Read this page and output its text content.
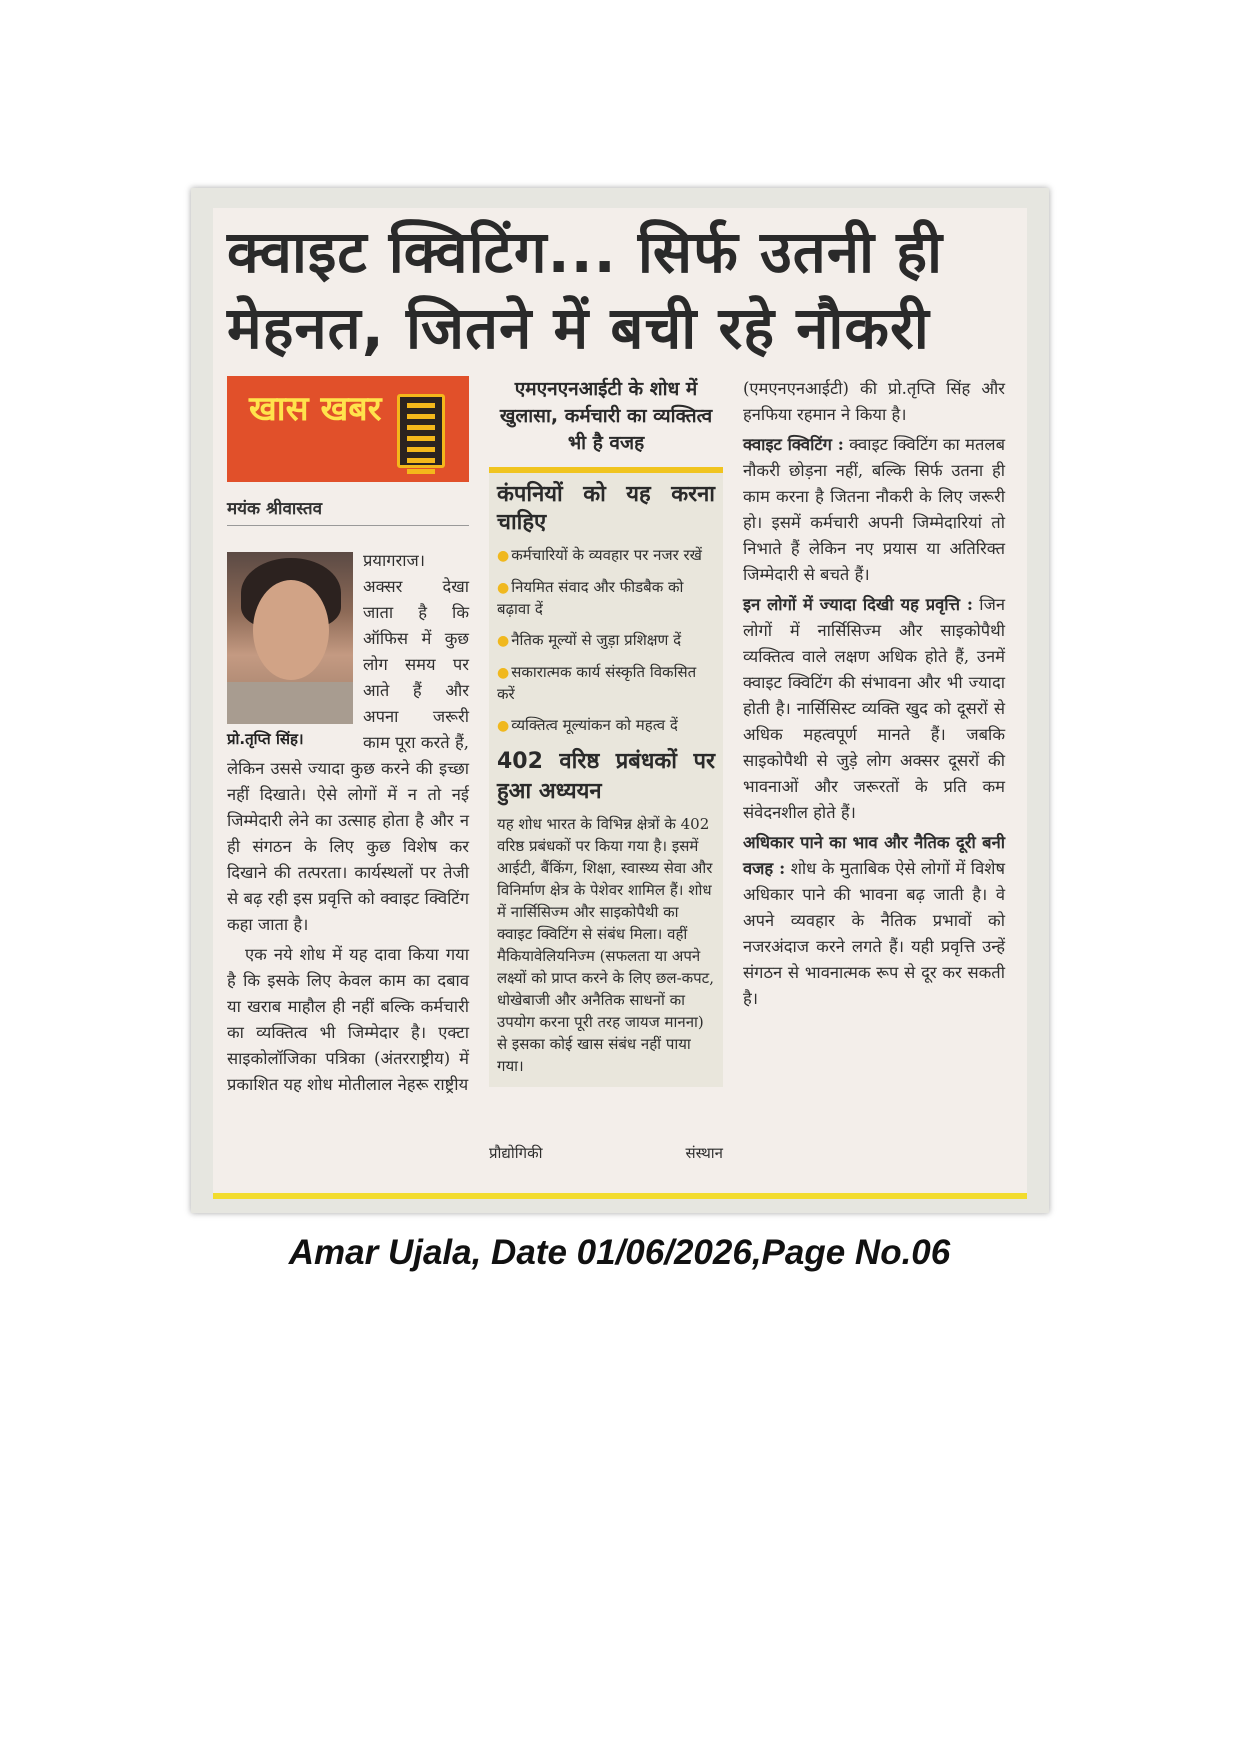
क्वाइट क्विटिंग... सिर्फ उतनी ही मेहनत, जितने में बची रहे नौकरी
खास खबर
मयंक श्रीवास्तव
प्रो.तृप्ति सिंह।

प्रयागराज। अक्सर देखा जाता है कि ऑफिस में कुछ लोग समय पर आते हैं और अपना जरूरी काम पूरा करते हैं, लेकिन उससे ज्यादा कुछ करने की इच्छा नहीं दिखाते। ऐसे लोगों में न तो नई जिम्मेदारी लेने का उत्साह होता है और न ही संगठन के लिए कुछ विशेष कर दिखाने की तत्परता। कार्यस्थलों पर तेजी से बढ़ रही इस प्रवृत्ति को क्वाइट क्विटिंग कहा जाता है।

एक नये शोध में यह दावा किया गया है कि इसके लिए केवल काम का दबाव या खराब माहौल ही नहीं बल्कि कर्मचारी का व्यक्तित्व भी जिम्मेदार है। एक्टा साइकोलॉजिका पत्रिका (अंतरराष्ट्रीय) में प्रकाशित यह शोध मोतीलाल नेहरू राष्ट्रीय

एमएनएनआईटी के शोध में खुलासा, कर्मचारी का व्यक्तित्व भी है वजह
कंपनियों को यह करना चाहिए
● कर्मचारियों के व्यवहार पर नजर रखें
● नियमित संवाद और फीडबैक को बढ़ावा दें
● नैतिक मूल्यों से जुड़ा प्रशिक्षण दें
● सकारात्मक कार्य संस्कृति विकसित करें
● व्यक्तित्व मूल्यांकन को महत्व दें
402 वरिष्ठ प्रबंधकों पर हुआ अध्ययन
यह शोध भारत के विभिन्न क्षेत्रों के 402 वरिष्ठ प्रबंधकों पर किया गया है। इसमें आईटी, बैंकिंग, शिक्षा, स्वास्थ्य सेवा और विनिर्माण क्षेत्र के पेशेवर शामिल हैं। शोध में नार्सिसिज्म और साइकोपैथी का क्वाइट क्विटिंग से संबंध मिला। वहीं मैकियावेलियनिज्म (सफलता या अपने लक्ष्यों को प्राप्त करने के लिए छल-कपट, धोखेबाजी और अनैतिक साधनों का उपयोग करना पूरी तरह जायज मानना) से इसका कोई खास संबंध नहीं पाया गया।
प्रौद्योगिकी	संस्थान

(एमएनएनआईटी) की प्रो.तृप्ति सिंह और हनफिया रहमान ने किया है।

क्वाइट क्विटिंग : क्वाइट क्विटिंग का मतलब नौकरी छोड़ना नहीं, बल्कि सिर्फ उतना ही काम करना है जितना नौकरी के लिए जरूरी हो। इसमें कर्मचारी अपनी जिम्मेदारियां तो निभाते हैं लेकिन नए प्रयास या अतिरिक्त जिम्मेदारी से बचते हैं।

इन लोगों में ज्यादा दिखी यह प्रवृत्ति : जिन लोगों में नार्सिसिज्म और साइकोपैथी व्यक्तित्व वाले लक्षण अधिक होते हैं, उनमें क्वाइट क्विटिंग की संभावना और भी ज्यादा होती है। नार्सिसिस्ट व्यक्ति खुद को दूसरों से अधिक महत्वपूर्ण मानते हैं। जबकि साइकोपैथी से जुड़े लोग अक्सर दूसरों की भावनाओं और जरूरतों के प्रति कम संवेदनशील होते हैं।

अधिकार पाने का भाव और नैतिक दूरी बनी वजह : शोध के मुताबिक ऐसे लोगों में विशेष अधिकार पाने की भावना बढ़ जाती है। वे अपने व्यवहार के नैतिक प्रभावों को नजरअंदाज करने लगते हैं। यही प्रवृत्ति उन्हें संगठन से भावनात्मक रूप से दूर कर सकती है।

Amar Ujala, Date 01/06/2026,Page No.06
